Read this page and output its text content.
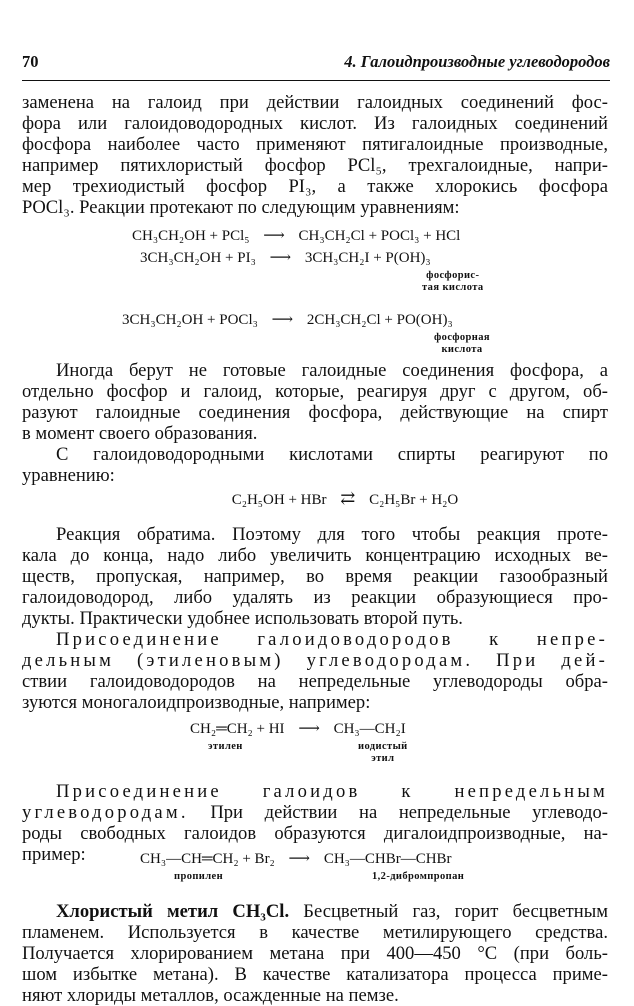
70	4. Галоидпроизводные углеводородов
заменена на галоид при действии галоидных соединений фос-
фора или галоидоводородных кислот. Из галоидных соединений
фосфора наиболее часто применяют пятигалоидные производные,
например пятихлористый фосфор PCl₅, трехгалоидные, напри-
мер трехиодистый фосфор PI₃, а также хлорокись фосфора
POCl₃. Реакции протекают по следующим уравнениям:
CH₃CH₂OH + PCl₅ ⟶ CH₃CH₂Cl + POCl₃ + HCl
3CH₃CH₂OH + PI₃ ⟶ 3CH₃CH₂I + P(OH)₃
фосфорис-
тая кислота
3CH₃CH₂OH + POCl₃ ⟶ 2CH₃CH₂Cl + PO(OH)₃
фосфорная
кислота
Иногда берут не готовые галоидные соединения фосфора, а
отдельно фосфор и галоид, которые, реагируя друг с другом, об-
разуют галоидные соединения фосфора, действующие на спирт
в момент своего образования.
С галоидоводородными кислотами спирты реагируют по
уравнению:
C₂H₅OH + HBr ⇄ C₂H₅Br + H₂O
Реакция обратима. Поэтому для того чтобы реакция проте-
кала до конца, надо либо увеличить концентрацию исходных ве-
ществ, пропуская, например, во время реакции газообразный
галоидоводород, либо удалять из реакции образующиеся про-
дукты. Практически удобнее использовать второй путь.
Присоединение галоидоводородов к непре-
дельным (этиленовым) углеводородам. При дей-
ствии галоидоводородов на непредельные углеводороды обра-
зуются моногалоидпроизводные, например:
CH₂═CH₂ + HI ⟶ CH₃—CH₂I
этилен	иодистый
этил
Присоединение галоидов к непредельным
углеводородам. При действии на непредельные углеводо-
роды свободных галоидов образуются дигалоидпроизводные, на-
пример:	CH₃—CH═CH₂ + Br₂ ⟶ CH₃—CHBr—CHBr
пропилен	1,2-дибромпропан
Хлористый метил CH₃Cl. Бесцветный газ, горит бесцветным
пламенем. Используется в качестве метилирующего средства.
Получается хлорированием метана при 400—450 °C (при боль-
шом избытке метана). В качестве катализатора процесса приме-
няют хлориды металлов, осажденные на пемзе.
